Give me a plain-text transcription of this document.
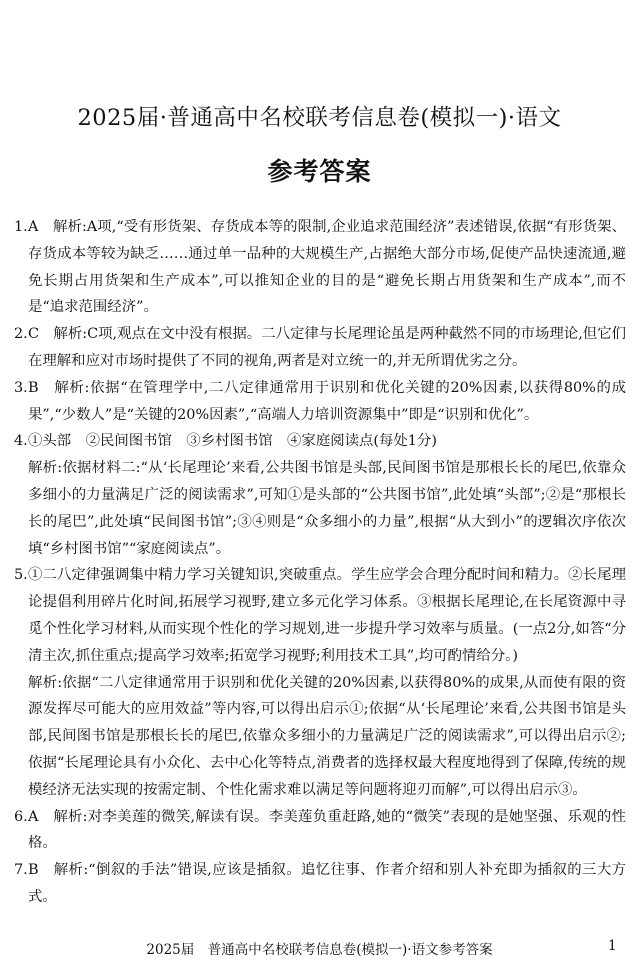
2025届·普通高中名校联考信息卷(模拟一)·语文
参考答案
1. A　解析:A项,“受有形货架、存货成本等的限制,企业追求范围经济”表述错误,依据“有形货架、存货成本等较为缺乏……通过单一品种的大规模生产,占据绝大部分市场,促使产品快速流通,避免长期占用货架和生产成本”,可以推知企业的目的是“避免长期占用货架和生产成本”,而不是“追求范围经济”。
2. C　解析:C项,观点在文中没有根据。二八定律与长尾理论虽是两种截然不同的市场理论,但它们在理解和应对市场时提供了不同的视角,两者是对立统一的,并无所谓优劣之分。
3. B　解析:依据“在管理学中,二八定律通常用于识别和优化关键的20%因素,以获得80%的成果”,“少数人”是“关键的20%因素”,“高端人力培训资源集中”即是“识别和优化”。
4. ①头部　②民间图书馆　③乡村图书馆　④家庭阅读点(每处1分)
解析:依据材料二:“从‘长尾理论’来看,公共图书馆是头部,民间图书馆是那根长长的尾巴,依靠众多细小的力量满足广泛的阅读需求”,可知①是头部的“公共图书馆”,此处填“头部”;②是“那根长长的尾巴”,此处填“民间图书馆”;③④则是“众多细小的力量”,根据“从大到小”的逻辑次序依次填“乡村图书馆”“家庭阅读点”。
5. ①二八定律强调集中精力学习关键知识,突破重点。学生应学会合理分配时间和精力。②长尾理论提倡利用碎片化时间,拓展学习视野,建立多元化学习体系。③根据长尾理论,在长尾资源中寻觅个性化学习材料,从而实现个性化的学习规划,进一步提升学习效率与质量。(一点2分,如答“分清主次,抓住重点;提高学习效率;拓宽学习视野;利用技术工具”,均可酌情给分。)
解析:依据“二八定律通常用于识别和优化关键的20%因素,以获得80%的成果,从而使有限的资源发挥尽可能大的应用效益”等内容,可以得出启示①;依据“从‘长尾理论’来看,公共图书馆是头部,民间图书馆是那根长长的尾巴,依靠众多细小的力量满足广泛的阅读需求”,可以得出启示②;依据“长尾理论具有小众化、去中心化等特点,消费者的选择权最大程度地得到了保障,传统的规模经济无法实现的按需定制、个性化需求难以满足等问题将迎刃而解”,可以得出启示③。
6. A　解析:对李美莲的微笑,解读有误。李美莲负重赶路,她的“微笑”表现的是她坚强、乐观的性格。
7. B　解析:“倒叙的手法”错误,应该是插叙。追忆往事、作者介绍和别人补充即为插叙的三大方式。
2025届　普通高中名校联考信息卷(模拟一)·语文参考答案	1
